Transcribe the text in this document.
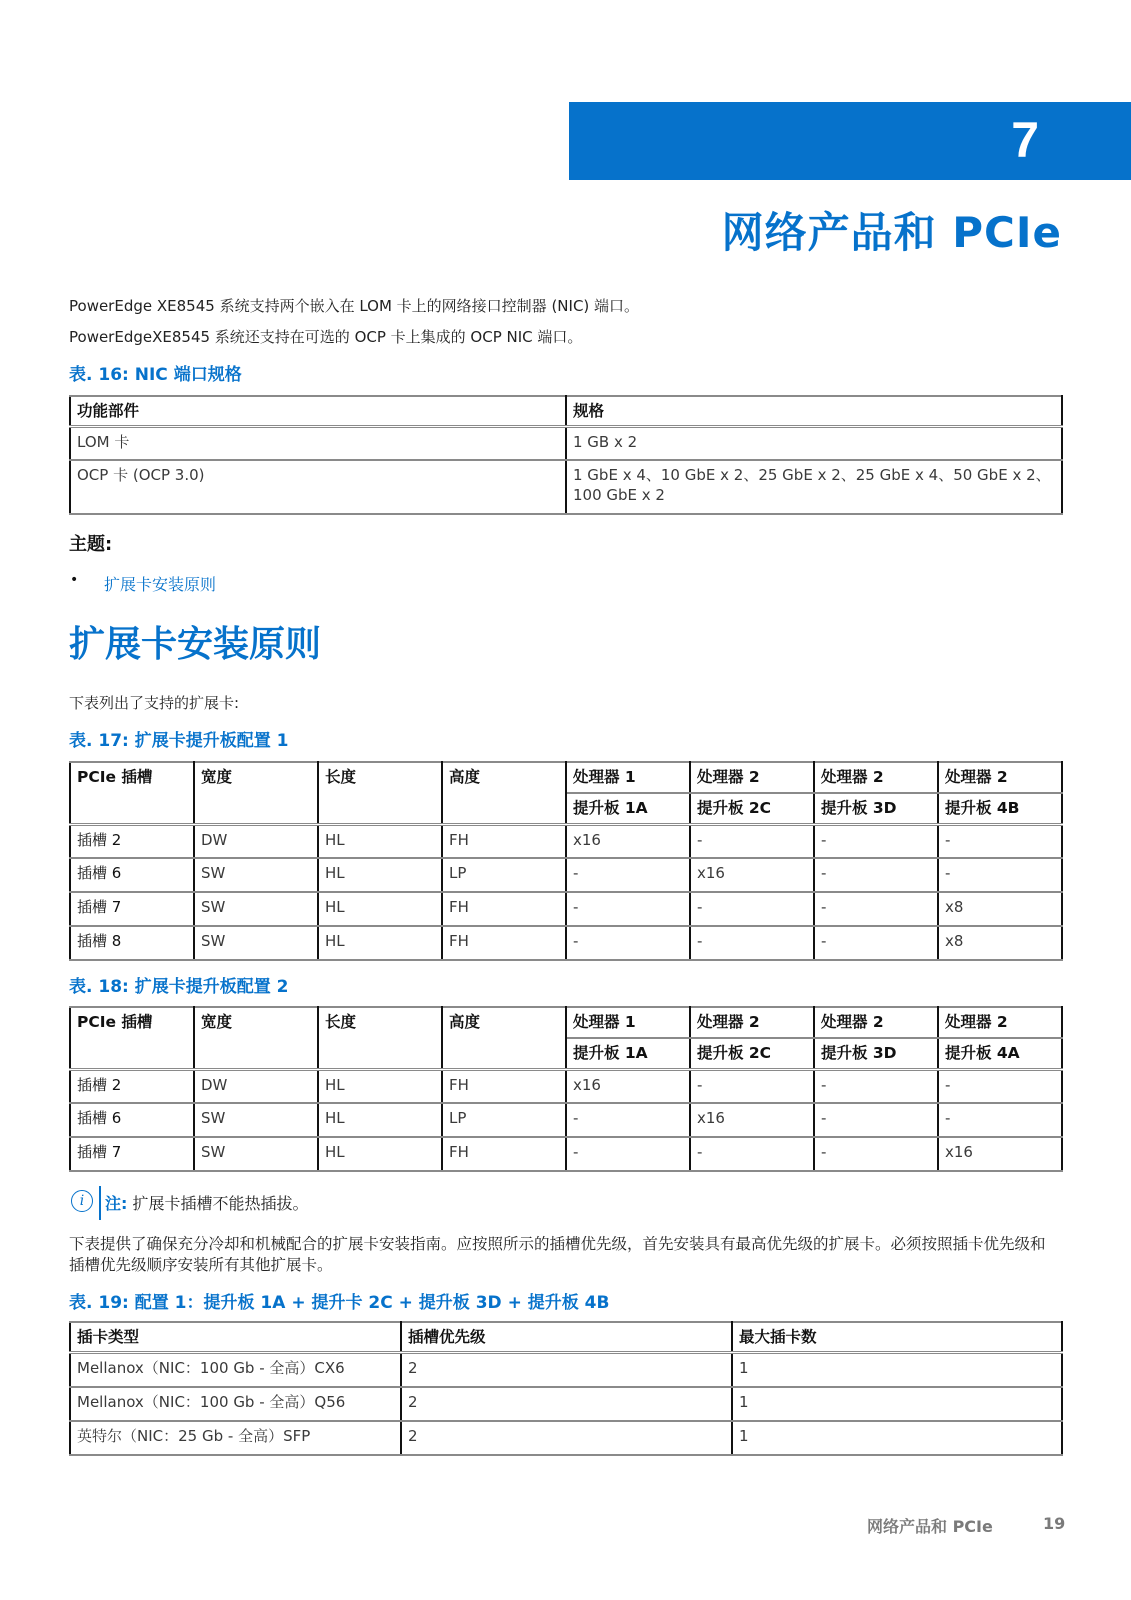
7
网络产品和 PCIe
PowerEdge XE8545 系统支持两个嵌入在 LOM 卡上的网络接口控制器 (NIC) 端口。
PowerEdgeXE8545 系统还支持在可选的 OCP 卡上集成的 OCP NIC 端口。
表. 16: NIC 端口规格
功能部件	规格
LOM 卡	1 GB x 2
OCP 卡 (OCP 3.0)	1 GbE x 4、10 GbE x 2、25 GbE x 2、25 GbE x 4、50 GbE x 2、100 GbE x 2
主题:
• 扩展卡安装原则
扩展卡安装原则
下表列出了支持的扩展卡:
表. 17: 扩展卡提升板配置 1
PCIe 插槽	宽度	长度	高度	处理器 1	处理器 2	处理器 2	处理器 2
				提升板 1A	提升板 2C	提升板 3D	提升板 4B
插槽 2	DW	HL	FH	x16	-	-	-
插槽 6	SW	HL	LP	-	x16	-	-
插槽 7	SW	HL	FH	-	-	-	x8
插槽 8	SW	HL	FH	-	-	-	x8
表. 18: 扩展卡提升板配置 2
PCIe 插槽	宽度	长度	高度	处理器 1	处理器 2	处理器 2	处理器 2
				提升板 1A	提升板 2C	提升板 3D	提升板 4A
插槽 2	DW	HL	FH	x16	-	-	-
插槽 6	SW	HL	LP	-	x16	-	-
插槽 7	SW	HL	FH	-	-	-	x16
i	注: 扩展卡插槽不能热插拔。
下表提供了确保充分冷却和机械配合的扩展卡安装指南。应按照所示的插槽优先级，首先安装具有最高优先级的扩展卡。必须按照插卡优先级和插槽优先级顺序安装所有其他扩展卡。
表. 19: 配置 1：提升板 1A + 提升卡 2C + 提升板 3D + 提升板 4B
插卡类型	插槽优先级	最大插卡数
Mellanox（NIC：100 Gb - 全高）CX6	2	1
Mellanox（NIC：100 Gb - 全高）Q56	2	1
英特尔（NIC：25 Gb - 全高）SFP	2	1
网络产品和 PCIe	19
